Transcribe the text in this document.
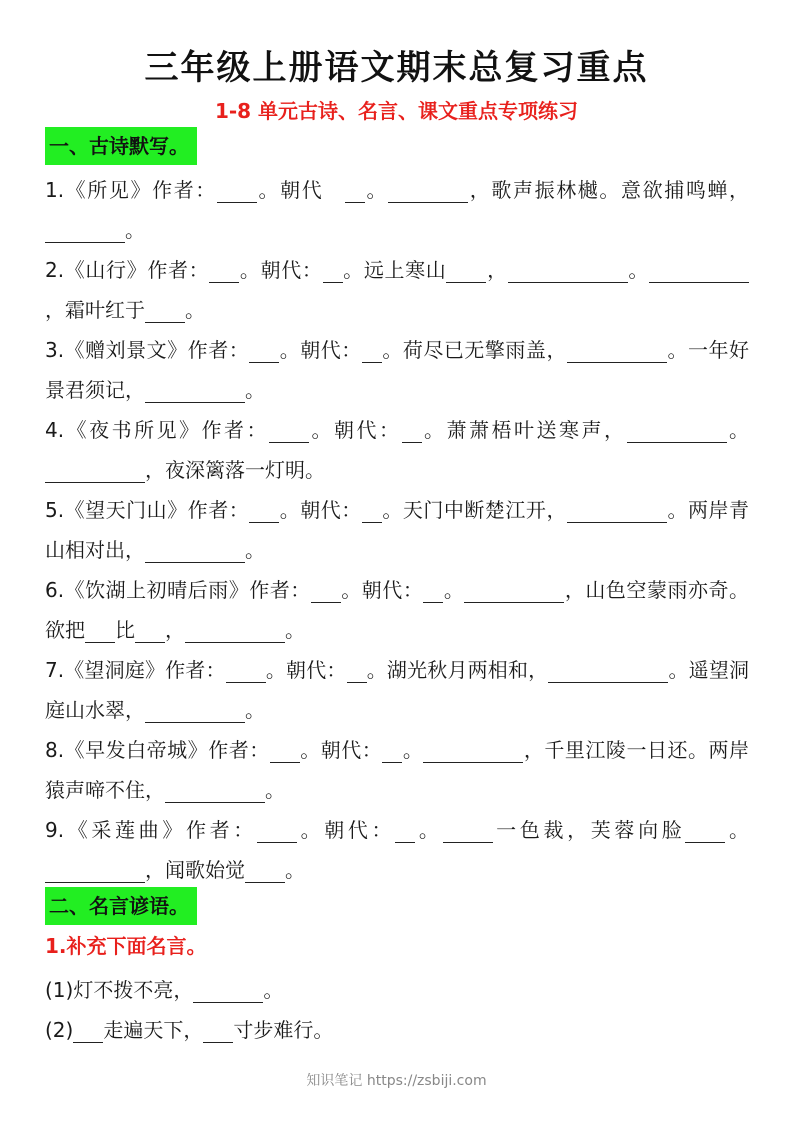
三年级上册语文期末总复习重点
1-8 单元古诗、名言、课文重点专项练习
一、古诗默写。
1.《所见》作者： 。朝代　。	，歌声振林樾。意欲捕鸣蝉，。
2.《山行》作者： 。朝代： 。远上寒山 ，	。，霜叶红于 。
3.《赠刘景文》作者： 。朝代： 。荷尽已无擎雨盖，	。一年好景君须记，	。
4.《夜书所见》作者： 。朝代： 。萧萧梧叶送寒声，	。，夜深篱落一灯明。
5.《望天门山》作者： 。朝代： 。天门中断楚江开，	。两岸青山相对出，	。
6.《饮湖上初晴后雨》作者： 。朝代： 。	，山色空蒙雨亦奇。欲把 比 ，	。
7.《望洞庭》作者： 。朝代： 。湖光秋月两相和，	。遥望洞庭山水翠，	。
8.《早发白帝城》作者： 。朝代： 。	，千里江陵一日还。两岸猿声啼不住，	。
9.《采莲曲》作者： 。朝代： 。	一色裁，芙蓉向脸 。，闻歌始觉 。
二、名言谚语。
1.补充下面名言。
(1)灯不拨不亮，	。
(2) 走遍天下， 寸步难行。
知识笔记 https://zsbiji.com
